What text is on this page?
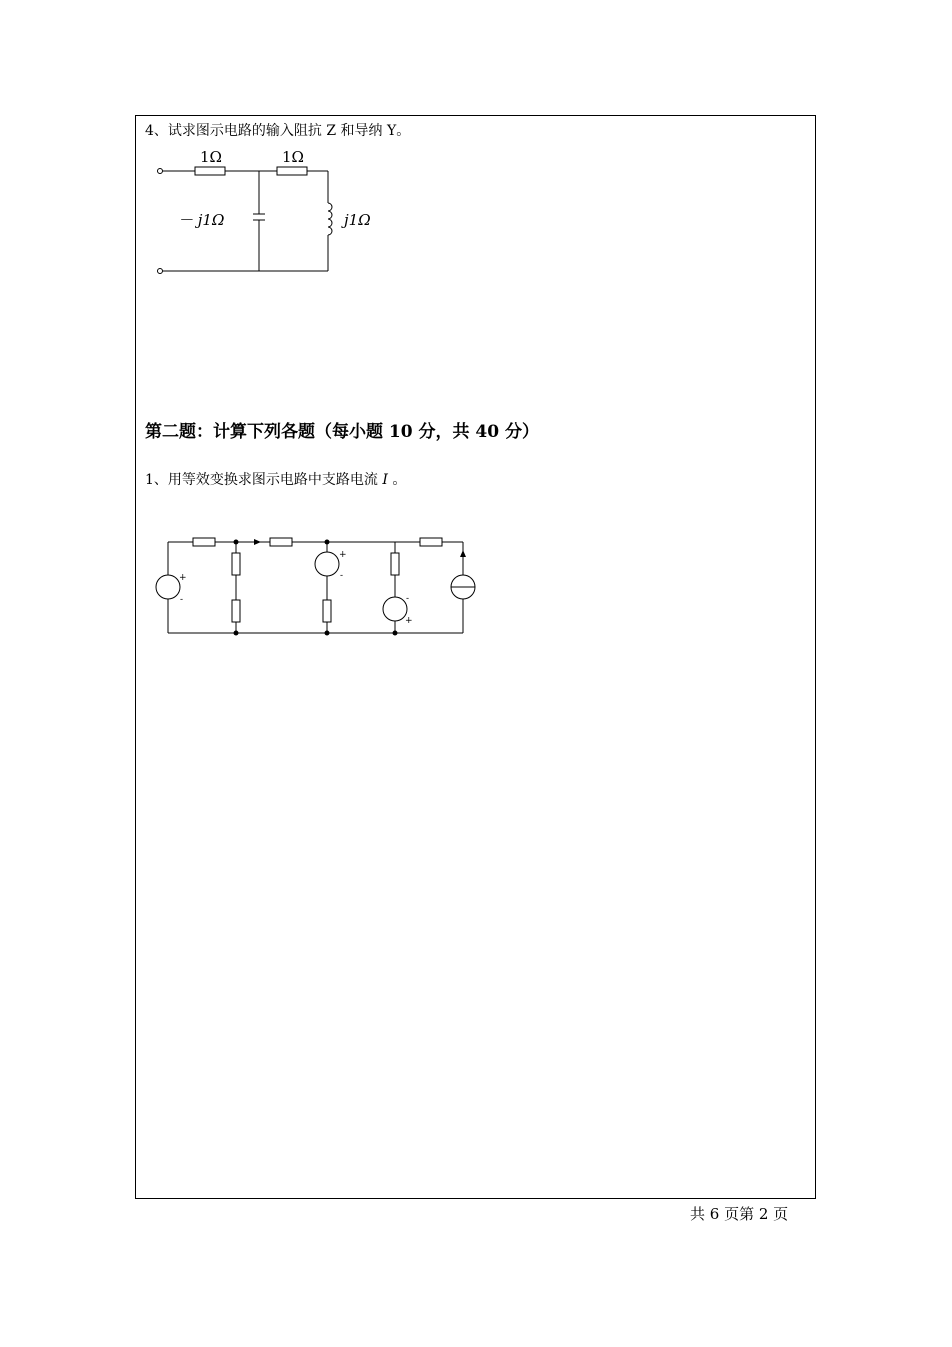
4、试求图示电路的输入阻抗 Z 和导纳 Y。
1Ω	1Ω
－ j1Ω	j1Ω
第二题：计算下列各题（每小题 10 分，共 40 分）
1、用等效变换求图示电路中支路电流 I 。
+
-
+
-
-
+
共 6 页第 2 页
